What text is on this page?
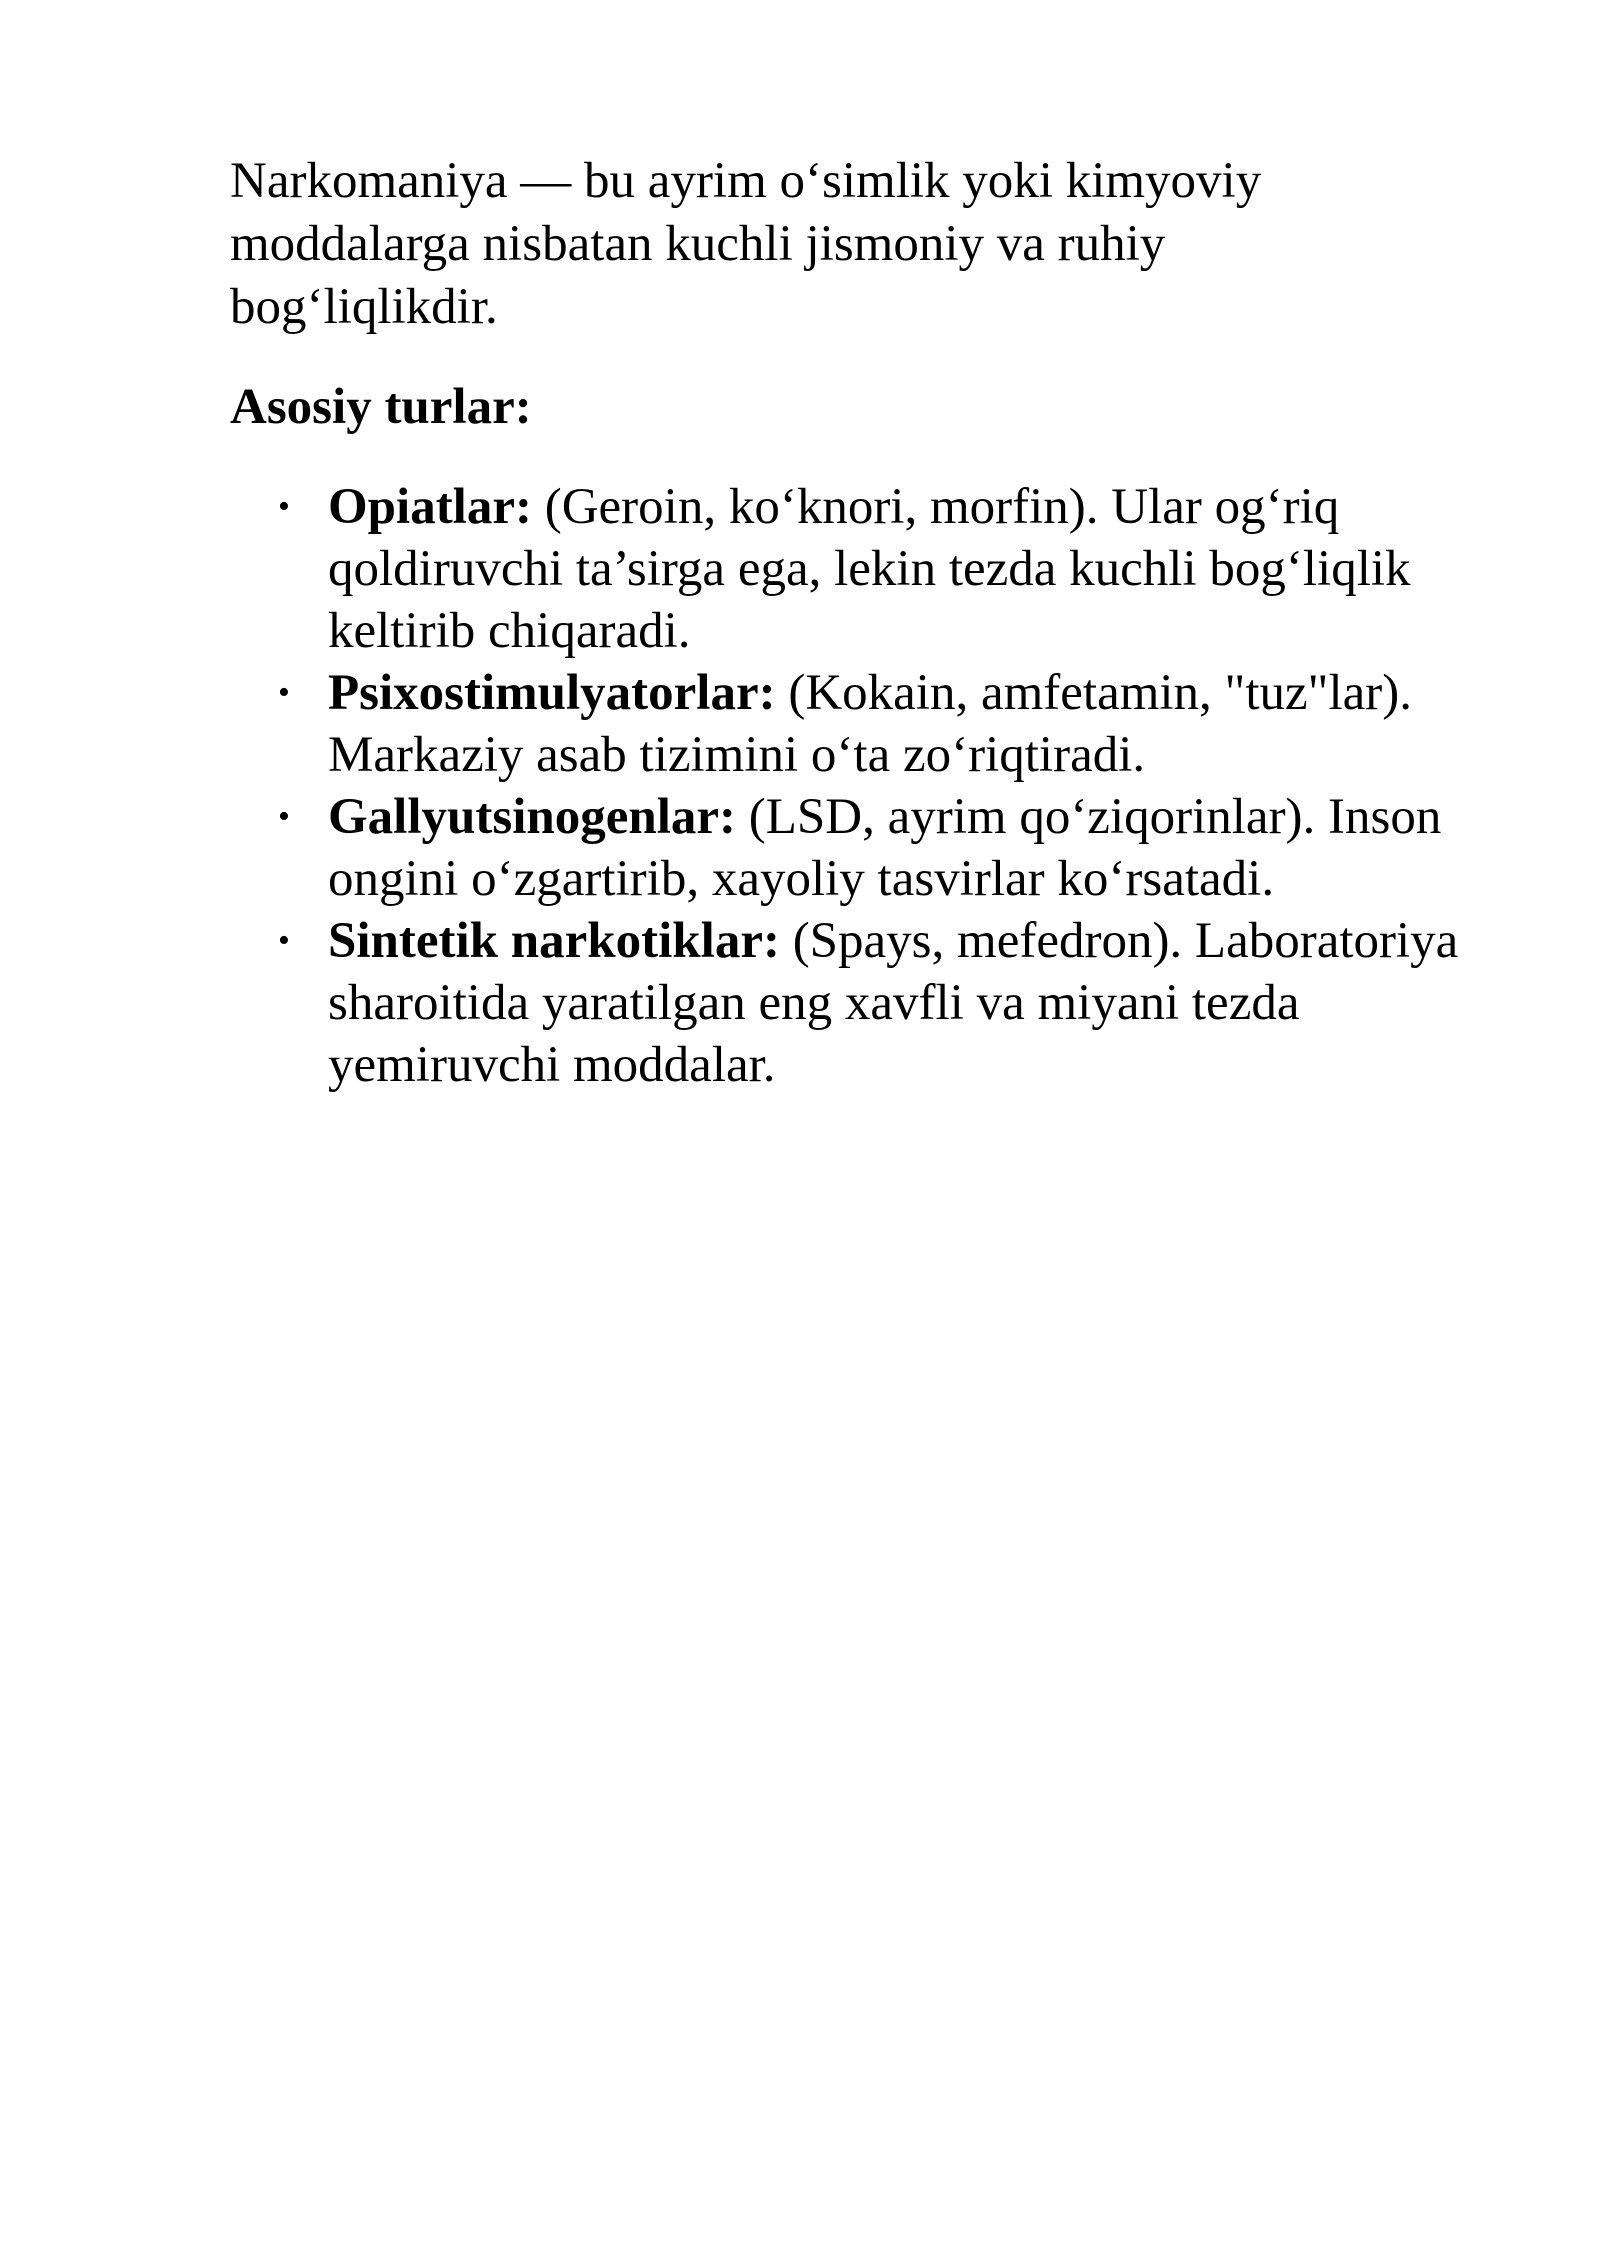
Narkomaniya — bu ayrim o‘simlik yoki kimyoviy moddalarga nisbatan kuchli jismoniy va ruhiy bog‘liqlikdir.

Asosiy turlar:
• Opiatlar: (Geroin, ko‘knori, morfin). Ular og‘riq qoldiruvchi ta’sirga ega, lekin tezda kuchli bog‘liqlik keltirib chiqaradi.
• Psixostimulyatorlar: (Kokain, amfetamin, "tuz"lar). Markaziy asab tizimini o‘ta zo‘riqtiradi.
• Gallyutsinogenlar: (LSD, ayrim qo‘ziqorinlar). Inson ongini o‘zgartirib, xayoliy tasvirlar ko‘rsatadi.
• Sintetik narkotiklar: (Spays, mefedron). Laboratoriya sharoitida yaratilgan eng xavfli va miyani tezda yemiruvchi moddalar.
